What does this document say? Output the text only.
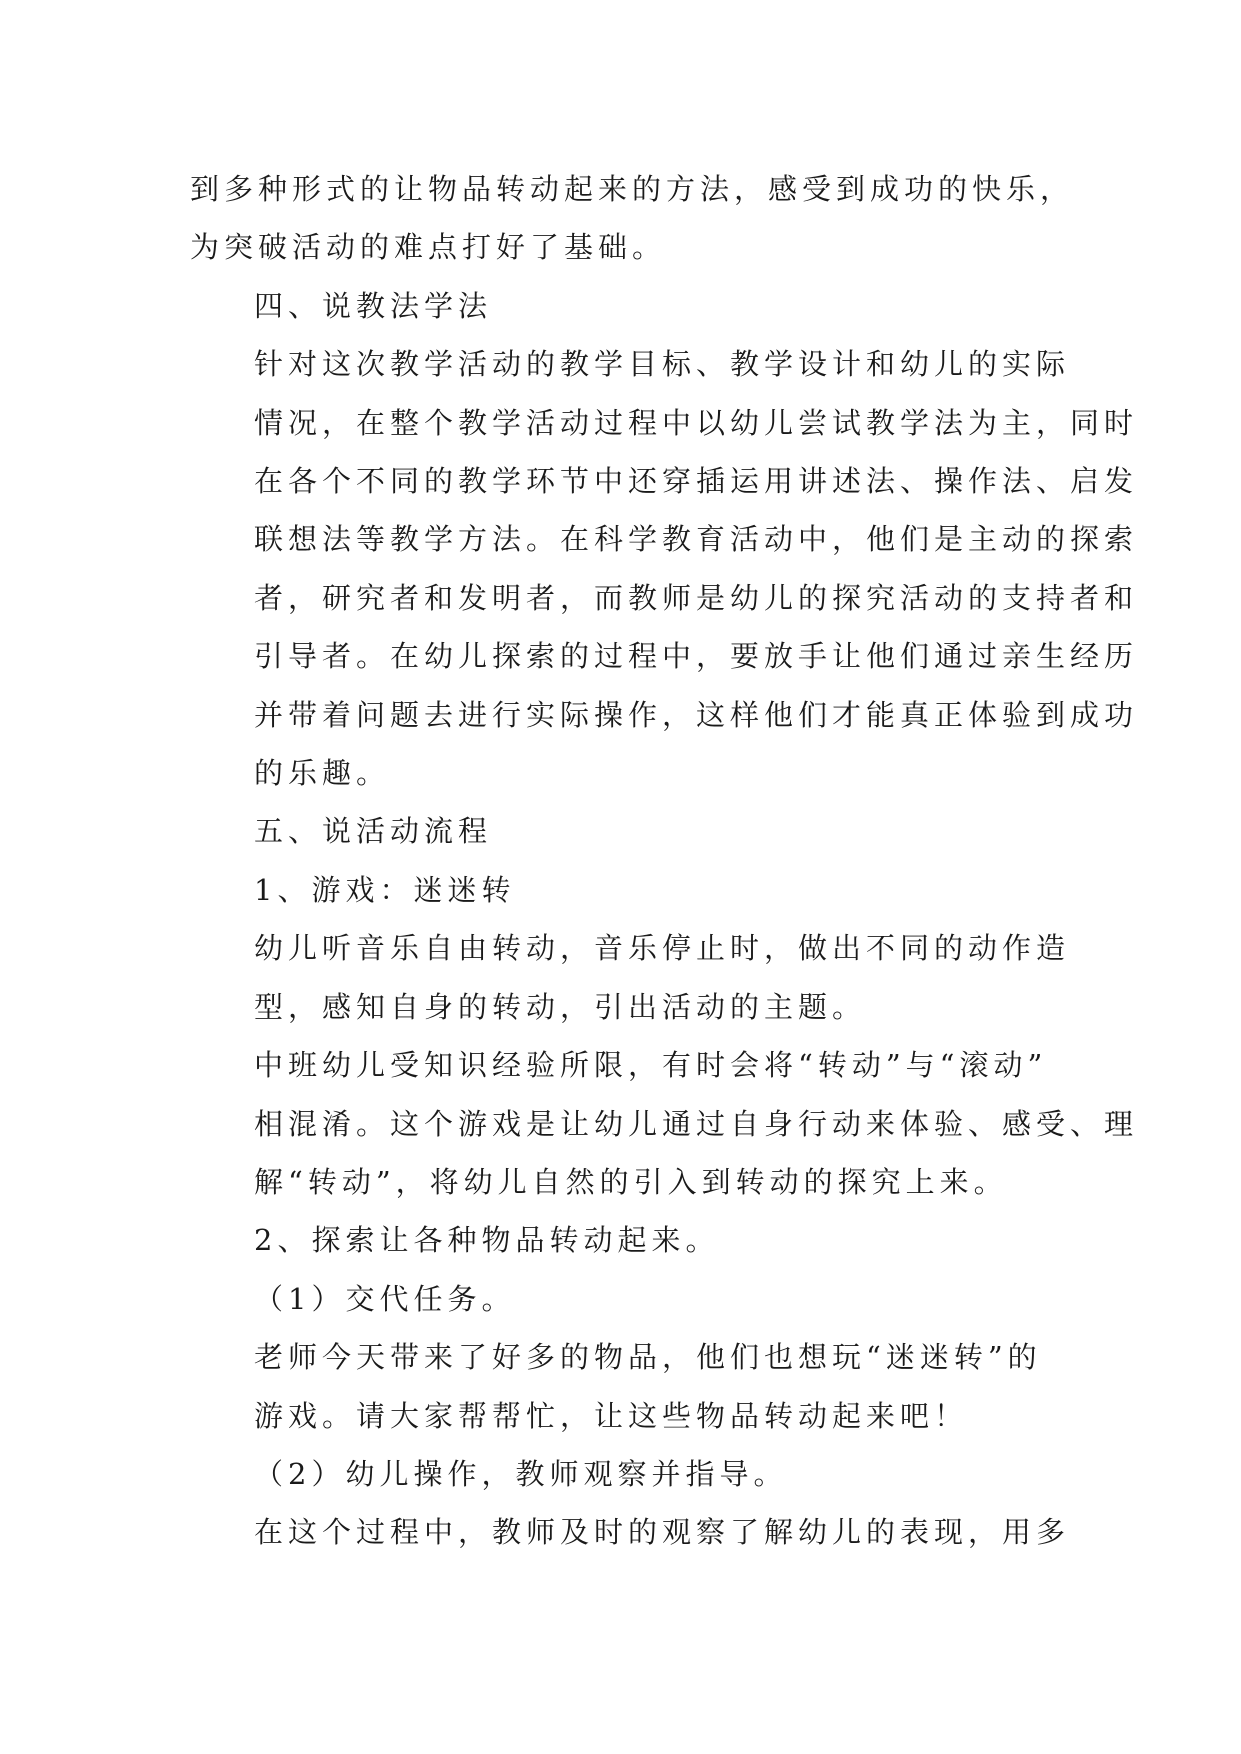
到多种形式的让物品转动起来的方法，感受到成功的快乐，
为突破活动的难点打好了基础。

四、说教法学法

针对这次教学活动的教学目标、教学设计和幼儿的实际
情况，在整个教学活动过程中以幼儿尝试教学法为主，同时
在各个不同的教学环节中还穿插运用讲述法、操作法、启发
联想法等教学方法。在科学教育活动中，他们是主动的探索
者，研究者和发明者，而教师是幼儿的探究活动的支持者和
引导者。在幼儿探索的过程中，要放手让他们通过亲生经历
并带着问题去进行实际操作，这样他们才能真正体验到成功
的乐趣。

五、说活动流程

1、游戏：迷迷转

幼儿听音乐自由转动，音乐停止时，做出不同的动作造
型，感知自身的转动，引出活动的主题。

中班幼儿受知识经验所限，有时会将“转动”与“滚动”
相混淆。这个游戏是让幼儿通过自身行动来体验、感受、理
解“转动”，将幼儿自然的引入到转动的探究上来。

2、探索让各种物品转动起来。

（1）交代任务。

老师今天带来了好多的物品，他们也想玩“迷迷转”的
游戏。请大家帮帮忙，让这些物品转动起来吧！

（2）幼儿操作，教师观察并指导。

在这个过程中，教师及时的观察了解幼儿的表现，用多
